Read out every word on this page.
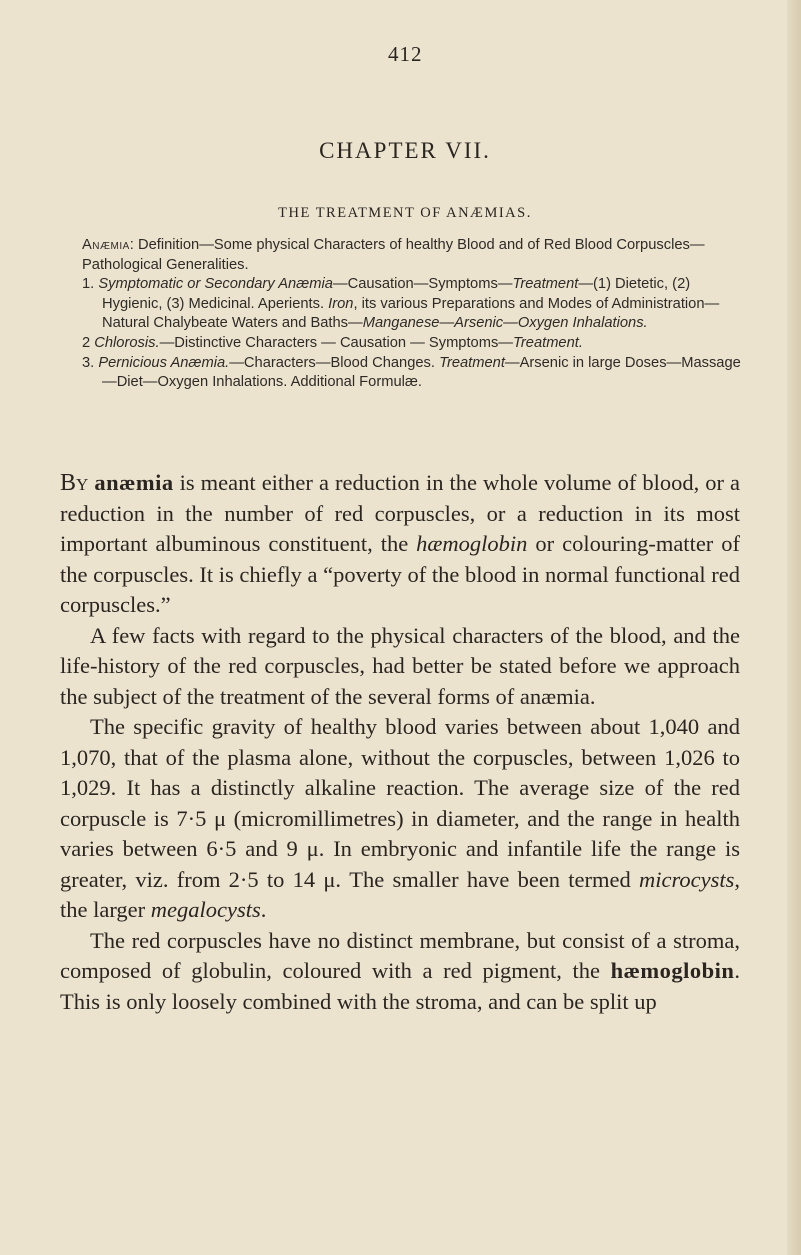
412
CHAPTER VII.
THE TREATMENT OF ANÆMIAS.

Anæmia: Definition—Some physical Characters of healthy Blood and of Red Blood Corpuscles—Pathological Generalities.

1. Symptomatic or Secondary Anæmia—Causation—Symptoms—Treatment—(1) Dietetic, (2) Hygienic, (3) Medicinal. Aperients. Iron, its various Preparations and Modes of Administration—Natural Chalybeate Waters and Baths—Manganese—Arsenic—Oxygen Inhalations.

2 Chlorosis.—Distinctive Characters — Causation — Symptoms—Treatment.

3. Pernicious Anæmia.—Characters—Blood Changes. Treatment—Arsenic in large Doses—Massage—Diet—Oxygen Inhalations. Additional Formulæ.

By anæmia is meant either a reduction in the whole volume of blood, or a reduction in the number of red corpuscles, or a reduction in its most important albuminous constituent, the hæmoglobin or colouring-matter of the corpuscles. It is chiefly a “poverty of the blood in normal functional red corpuscles.”

A few facts with regard to the physical characters of the blood, and the life-history of the red corpuscles, had better be stated before we approach the subject of the treatment of the several forms of anæmia.

The specific gravity of healthy blood varies between about 1,040 and 1,070, that of the plasma alone, without the corpuscles, between 1,026 to 1,029. It has a distinctly alkaline reaction. The average size of the red corpuscle is 7·5 μ (micromillimetres) in diameter, and the range in health varies between 6·5 and 9 μ. In embryonic and infantile life the range is greater, viz. from 2·5 to 14 μ. The smaller have been termed microcysts, the larger megalocysts.

The red corpuscles have no distinct membrane, but consist of a stroma, composed of globulin, coloured with a red pigment, the hæmoglobin. This is only loosely combined with the stroma, and can be split up
